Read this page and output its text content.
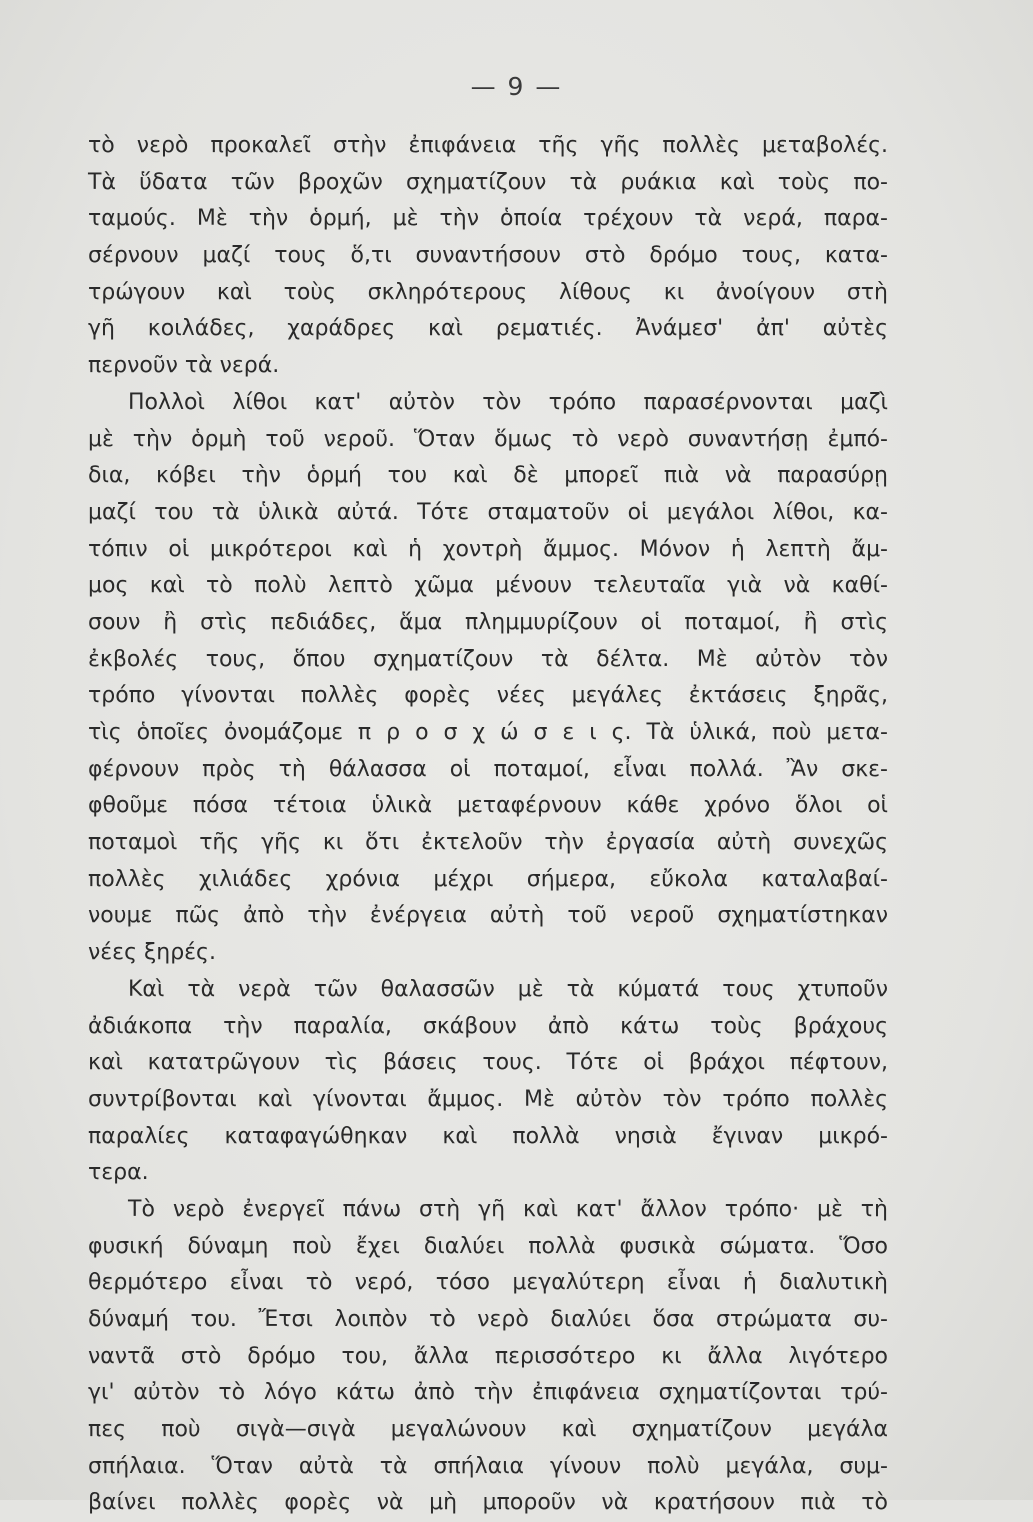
— 9 —
τὸ νερὸ προκαλεῖ στὴν ἐπιφάνεια τῆς γῆς πολλὲς μεταβολές.
Τὰ ὕδατα τῶν βροχῶν σχηματίζουν τὰ ρυάκια καὶ τοὺς πο-
ταμούς. Μὲ τὴν ὁρμή, μὲ τὴν ὁποία τρέχουν τὰ νερά, παρα-
σέρνουν μαζί τους ὅ,τι συναντήσουν στὸ δρόμο τους, κατα-
τρώγουν καὶ τοὺς σκληρότερους λίθους κι ἀνοίγουν στὴ
γῆ κοιλάδες, χαράδρες καὶ ρεματιές. Ἀνάμεσ' ἀπ' αὐτὲς
περνοῦν τὰ νερά.
Πολλοὶ λίθοι κατ' αὐτὸν τὸν τρόπο παρασέρνονται μαζὶ
μὲ τὴν ὁρμὴ τοῦ νεροῦ. Ὅταν ὅμως τὸ νερὸ συναντήσῃ ἐμπό-
δια, κόβει τὴν ὁρμή του καὶ δὲ μπορεῖ πιὰ νὰ παρασύρῃ
μαζί του τὰ ὑλικὰ αὐτά. Τότε σταματοῦν οἱ μεγάλοι λίθοι, κα-
τόπιν οἱ μικρότεροι καὶ ἡ χοντρὴ ἄμμος. Μόνον ἡ λεπτὴ ἄμ-
μος καὶ τὸ πολὺ λεπτὸ χῶμα μένουν τελευταῖα γιὰ νὰ καθί-
σουν ἢ στὶς πεδιάδες, ἅμα πλημμυρίζουν οἱ ποταμοί, ἢ στὶς
ἐκβολές τους, ὅπου σχηματίζουν τὰ δέλτα. Μὲ αὐτὸν τὸν
τρόπο γίνονται πολλὲς φορὲς νέες μεγάλες ἐκτάσεις ξηρᾶς,
τὶς ὁποῖες ὀνομάζομε π ρ ο σ χ ώ σ ε ι ς. Τὰ ὑλικά, ποὺ μετα-
φέρνουν πρὸς τὴ θάλασσα οἱ ποταμοί, εἶναι πολλά. Ἂν σκε-
φθοῦμε πόσα τέτοια ὑλικὰ μεταφέρνουν κάθε χρόνο ὅλοι οἱ
ποταμοὶ τῆς γῆς κι ὅτι ἐκτελοῦν τὴν ἐργασία αὐτὴ συνεχῶς
πολλὲς χιλιάδες χρόνια μέχρι σήμερα, εὔκολα καταλαβαί-
νουμε πῶς ἀπὸ τὴν ἐνέργεια αὐτὴ τοῦ νεροῦ σχηματίστηκαν
νέες ξηρές.
Καὶ τὰ νερὰ τῶν θαλασσῶν μὲ τὰ κύματά τους χτυποῦν
ἀδιάκοπα τὴν παραλία, σκάβουν ἀπὸ κάτω τοὺς βράχους
καὶ κατατρῶγουν τὶς βάσεις τους. Τότε οἱ βράχοι πέφτουν,
συντρίβονται καὶ γίνονται ἄμμος. Μὲ αὐτὸν τὸν τρόπο πολλὲς
παραλίες καταφαγώθηκαν καὶ πολλὰ νησιὰ ἔγιναν μικρό-
τερα.
Τὸ νερὸ ἐνεργεῖ πάνω στὴ γῆ καὶ κατ' ἄλλον τρόπο· μὲ τὴ
φυσική δύναμη ποὺ ἔχει διαλύει πολλὰ φυσικὰ σώματα. Ὅσο
θερμότερο εἶναι τὸ νερό, τόσο μεγαλύτερη εἶναι ἡ διαλυτικὴ
δύναμή του. Ἔτσι λοιπὸν τὸ νερὸ διαλύει ὅσα στρώματα συ-
ναντᾶ στὸ δρόμο του, ἄλλα περισσότερο κι ἄλλα λιγότερο
γι' αὐτὸν τὸ λόγο κάτω ἀπὸ τὴν ἐπιφάνεια σχηματίζονται τρύ-
πες ποὺ σιγὰ—σιγὰ μεγαλώνουν καὶ σχηματίζουν μεγάλα
σπήλαια. Ὅταν αὐτὰ τὰ σπήλαια γίνουν πολὺ μεγάλα, συμ-
βαίνει πολλὲς φορὲς νὰ μὴ μποροῦν νὰ κρατήσουν πιὰ τὸ
